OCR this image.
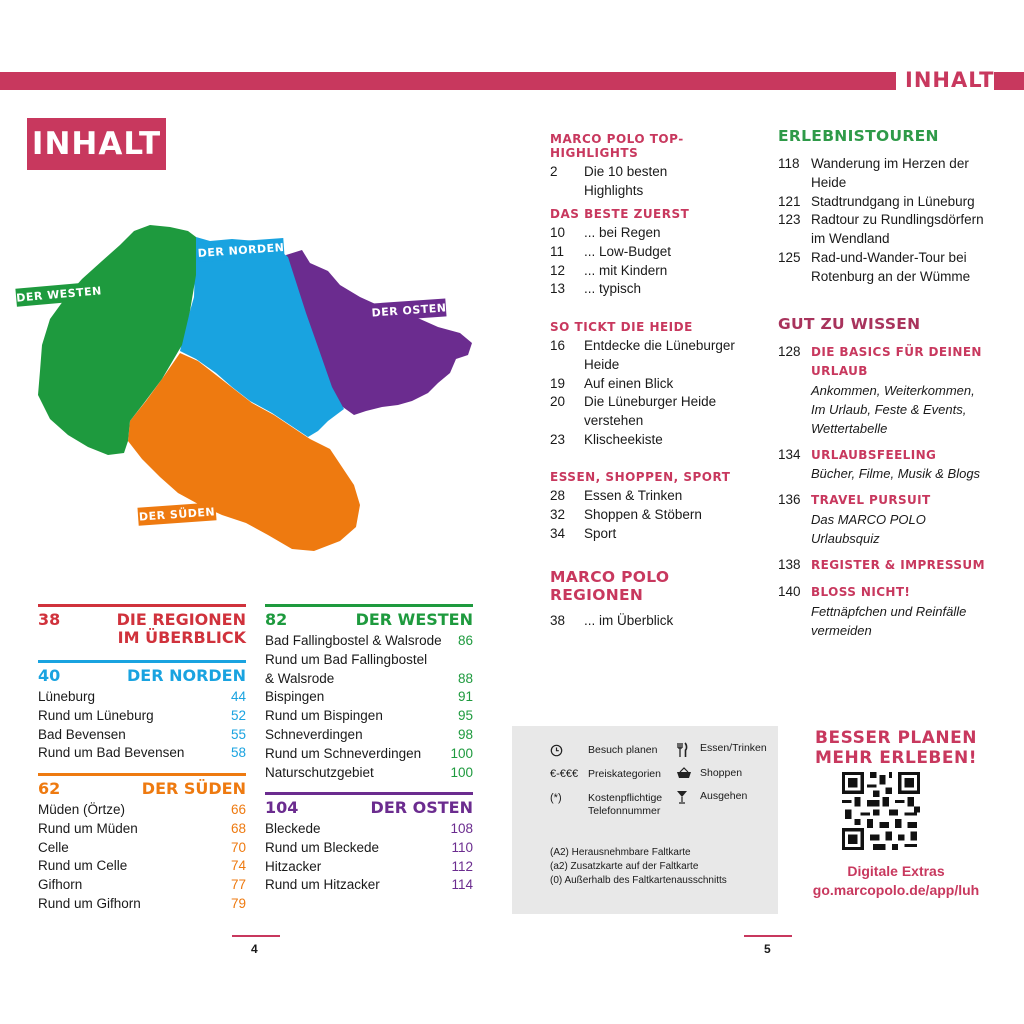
INHALT
INHALT
DER WESTEN
DER NORDEN
DER OSTEN
DER SÜDEN
38	DIE REGIONEN IM ÜBERBLICK
40	DER NORDEN
Lüneburg	44
Rund um Lüneburg	52
Bad Bevensen	55
Rund um Bad Bevensen	58
62	DER SÜDEN
Müden (Örtze)	66
Rund um Müden	68
Celle	70
Rund um Celle	74
Gifhorn	77
Rund um Gifhorn	79
82	DER WESTEN
Bad Fallingbostel & Walsrode	86
Rund um Bad Fallingbostel & Walsrode	88
Bispingen	91
Rund um Bispingen	95
Schneverdingen	98
Rund um Schneverdingen 100
Naturschutzgebiet	100
104	DER OSTEN
Bleckede	108
Rund um Bleckede	110
Hitzacker	112
Rund um Hitzacker	114
4	5
MARCO POLO TOP-HIGHLIGHTS
2	Die 10 besten Highlights
DAS BESTE ZUERST
10	... bei Regen
11	... Low-Budget
12	... mit Kindern
13	... typisch
SO TICKT DIE HEIDE
16	Entdecke die Lüneburger Heide
19	Auf einen Blick
20	Die Lüneburger Heide verstehen
23	Klischeekiste
ESSEN, SHOPPEN, SPORT
28	Essen & Trinken
32	Shoppen & Stöbern
34	Sport
MARCO POLO REGIONEN
38	... im Überblick
ERLEBNISTOUREN
118 Wanderung im Herzen der Heide
121 Stadtrundgang in Lüneburg
123 Radtour zu Rundlingsdörfern im Wendland
125 Rad-und-Wander-Tour bei Rotenburg an der Wümme
GUT ZU WISSEN
128 DIE BASICS FÜR DEINEN URLAUB
Ankommen, Weiterkommen, Im Urlaub, Feste & Events, Wettertabelle
134 URLAUBSFEELING
Bücher, Filme, Musik & Blogs
136 TRAVEL PURSUIT
Das MARCO POLO Urlaubsquiz
138 REGISTER & IMPRESSUM
140 BLOSS NICHT!
Fettnäpfchen und Reinfälle vermeiden
Besuch planen	Essen/Trinken
€-€€€ Preiskategorien	Shoppen
(*)	Kostenpflichtige Telefonnummer
Ausgehen
(A2) Herausnehmbare Faltkarte
(a2) Zusatzkarte auf der Faltkarte
(0) Außerhalb des Faltkartenausschnitts
BESSER PLANEN
MEHR ERLEBEN!
Digitale Extras
go.marcopolo.de/app/luh
